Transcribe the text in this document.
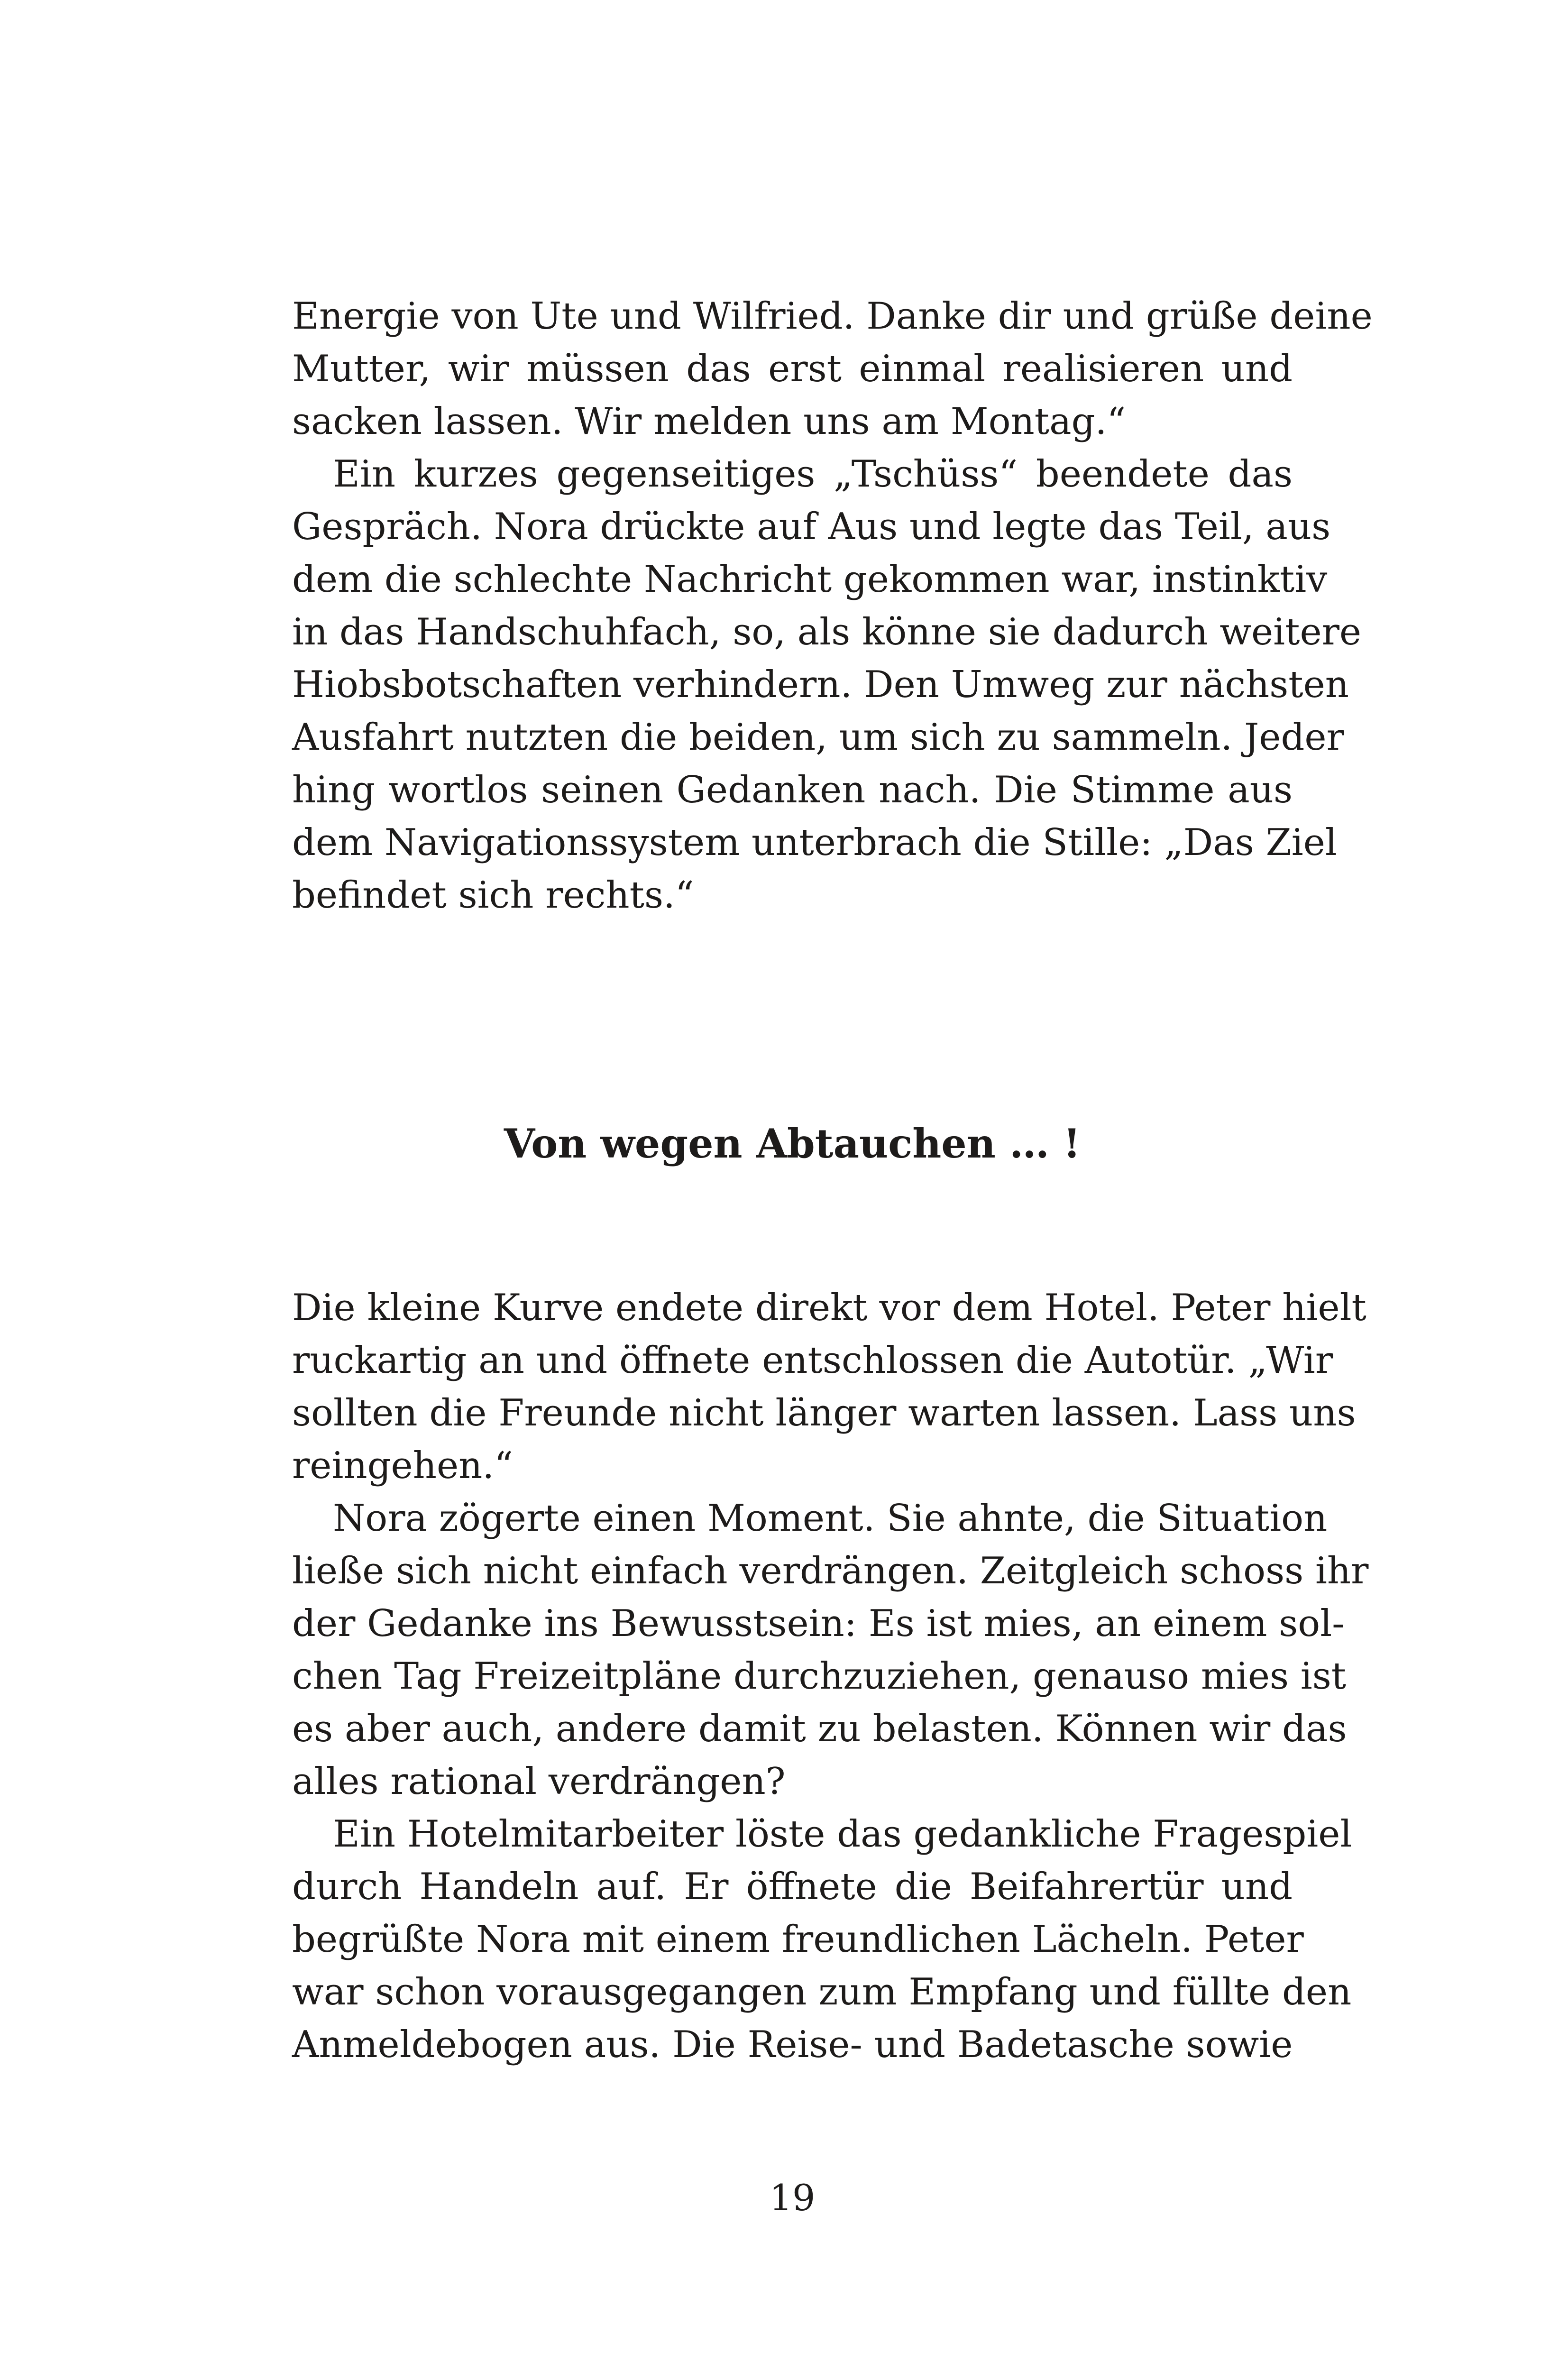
Energie von Ute und Wilfried. Danke dir und grüße deine
Mutter, wir müssen das erst einmal realisieren und
sacken lassen. Wir melden uns am Montag.“
Ein kurzes gegenseitiges „Tschüss“ beendete das
Gespräch. Nora drückte auf Aus und legte das Teil, aus
dem die schlechte Nachricht gekommen war, instinktiv
in das Handschuhfach, so, als könne sie dadurch weitere
Hiobsbotschaften verhindern. Den Umweg zur nächsten
Ausfahrt nutzten die beiden, um sich zu sammeln. Jeder
hing wortlos seinen Gedanken nach. Die Stimme aus
dem Navigationssystem unterbrach die Stille: „Das Ziel
befindet sich rechts.“
Von wegen Abtauchen … !
Die kleine Kurve endete direkt vor dem Hotel. Peter hielt
ruckartig an und öffnete entschlossen die Autotür. „Wir
sollten die Freunde nicht länger warten lassen. Lass uns
reingehen.“
Nora zögerte einen Moment. Sie ahnte, die Situation
ließe sich nicht einfach verdrängen. Zeitgleich schoss ihr
der Gedanke ins Bewusstsein: Es ist mies, an einem sol-
chen Tag Freizeitpläne durchzuziehen, genauso mies ist
es aber auch, andere damit zu belasten. Können wir das
alles rational verdrängen?
Ein Hotelmitarbeiter löste das gedankliche Fragespiel
durch Handeln auf. Er öffnete die Beifahrertür und
begrüßte Nora mit einem freundlichen Lächeln. Peter
war schon vorausgegangen zum Empfang und füllte den
Anmeldebogen aus. Die Reise- und Badetasche sowie
19
